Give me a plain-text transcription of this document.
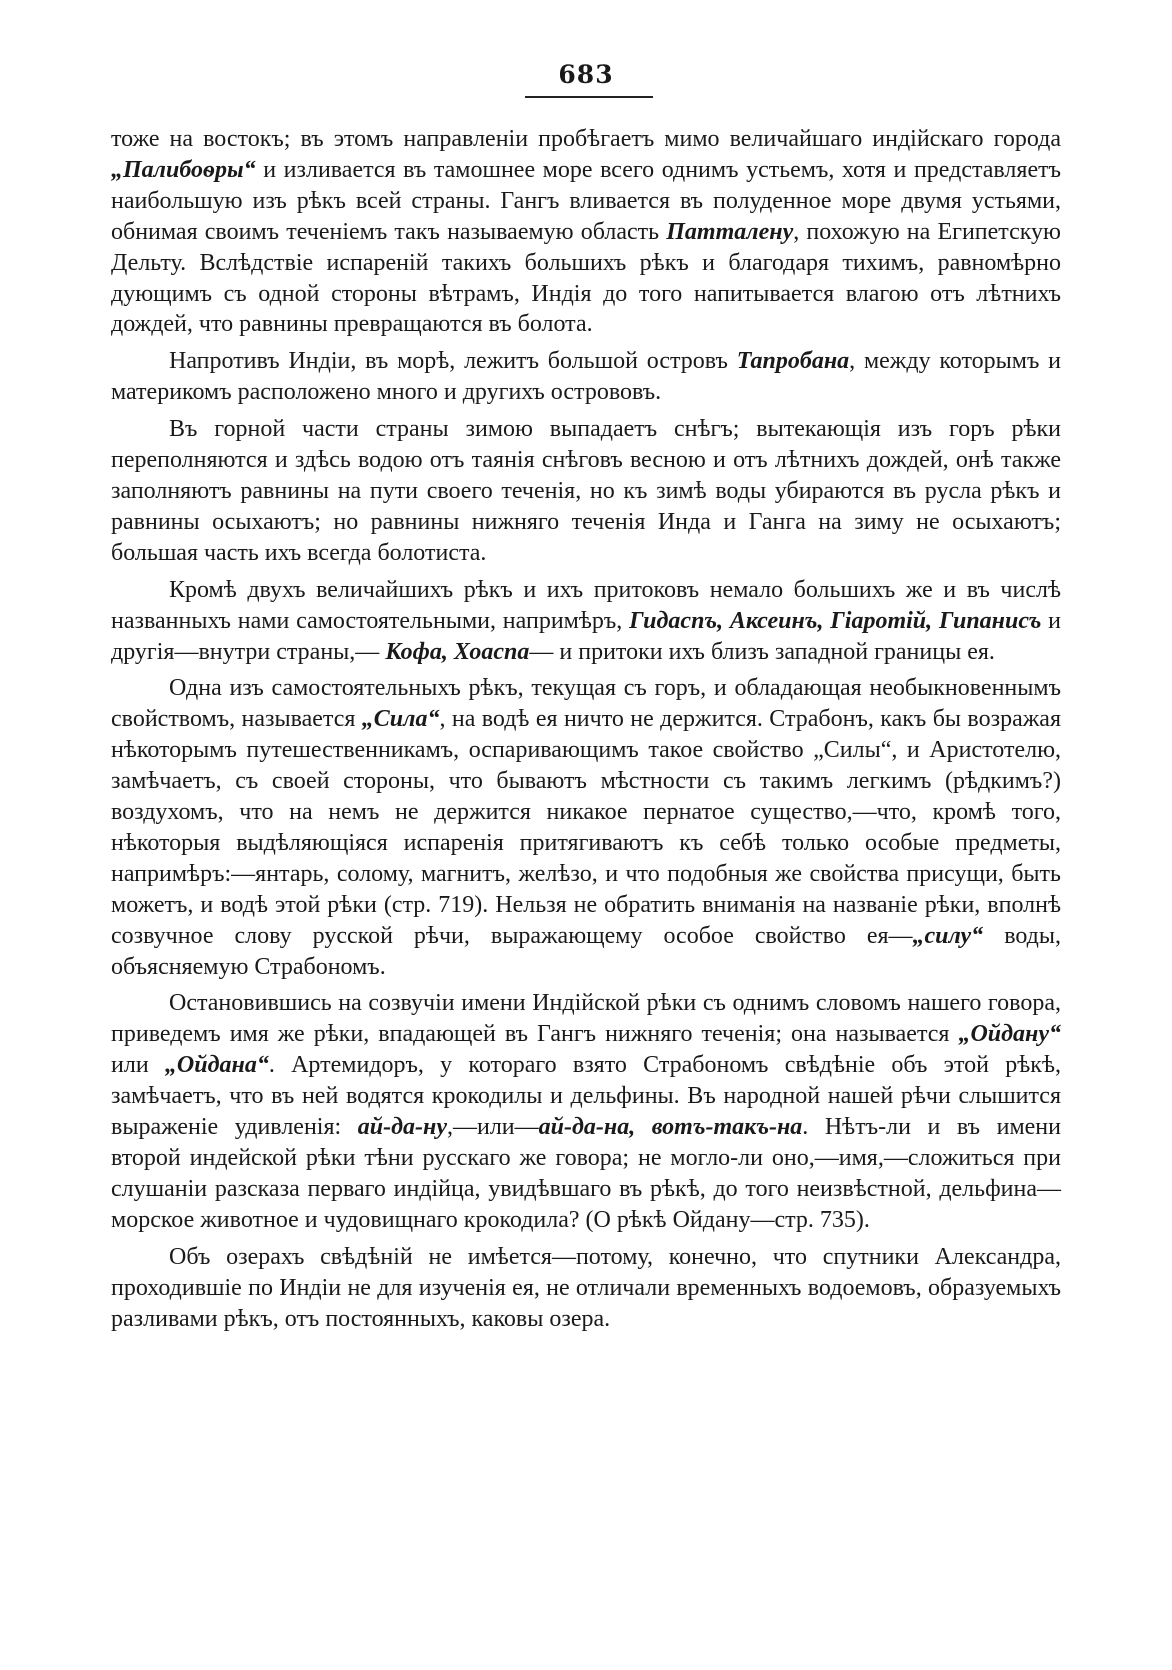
683

тоже на востокъ; въ этомъ направленіи пробѣгаетъ мимо величайшаго индійскаго города „Палибоѳры“ и изливается въ тамошнее море всего однимъ устьемъ, хотя и представляетъ наибольшую изъ рѣкъ всей страны. Гангъ вливается въ полуденное море двумя устьями, обнимая своимъ теченіемъ такъ называемую область Патталену, похожую на Египетскую Дельту. Вслѣдствіе испареній такихъ большихъ рѣкъ и благодаря тихимъ, равномѣрно дующимъ съ одной стороны вѣтрамъ, Индія до того напитывается влагою отъ лѣтнихъ дождей, что равнины превращаются въ болота.

Напротивъ Индіи, въ морѣ, лежитъ большой островъ Тапробана, между которымъ и материкомъ расположено много и другихъ острововъ.

Въ горной части страны зимою выпадаетъ снѣгъ; вытекающія изъ горъ рѣки переполняются и здѣсь водою отъ таянія снѣговъ весною и отъ лѣтнихъ дождей, онѣ также заполняютъ равнины на пути своего теченія, но къ зимѣ воды убираются въ русла рѣкъ и равнины осыхаютъ; но равнины нижняго теченія Инда и Ганга на зиму не осыхаютъ; большая часть ихъ всегда болотиста.

Кромѣ двухъ величайшихъ рѣкъ и ихъ притоковъ немало большихъ же и въ числѣ названныхъ нами самостоятельными, напримѣръ, Гидаспъ, Аксеинъ, Гіаротій, Гипанисъ и другія—внутри страны,— Кофа, Хоаспа— и притоки ихъ близъ западной границы ея.

Одна изъ самостоятельныхъ рѣкъ, текущая съ горъ, и обладающая необыкновеннымъ свойствомъ, называется „Сила“, на водѣ ея ничто не держится. Страбонъ, какъ бы возражая нѣкоторымъ путешественникамъ, оспаривающимъ такое свойство „Силы“, и Аристотелю, замѣчаетъ, съ своей стороны, что бываютъ мѣстности съ такимъ легкимъ (рѣдкимъ?) воздухомъ, что на немъ не держится никакое пернатое существо,—что, кромѣ того, нѣкоторыя выдѣляющіяся испаренія притягиваютъ къ себѣ только особые предметы, напримѣръ:—янтарь, солому, магнитъ, желѣзо, и что подобныя же свойства присущи, быть можетъ, и водѣ этой рѣки (стр. 719). Нельзя не обратить вниманія на названіе рѣки, вполнѣ созвучное слову русской рѣчи, выражающему особое свойство ея—„силу“ воды, объясняемую Страбономъ.

Остановившись на созвучіи имени Индійской рѣки съ однимъ словомъ нашего говора, приведемъ имя же рѣки, впадающей въ Гангъ нижняго теченія; она называется „Ойдану“ или „Ойдана“. Артемидоръ, у котораго взято Страбономъ свѣдѣніе объ этой рѣкѣ, замѣчаетъ, что въ ней водятся крокодилы и дельфины. Въ народной нашей рѣчи слышится выраженіе удивленія: ай-да-ну,—или—ай-да-на, вотъ-такъ-на. Нѣтъ-ли и въ имени второй индейской рѣки тѣни русскаго же говора; не могло-ли оно,—имя,—сложиться при слушаніи разсказа перваго индійца, увидѣвшаго въ рѣкѣ, до того неизвѣстной, дельфина—морское животное и чудовищнаго крокодила? (О рѣкѣ Ойдану—стр. 735).

Объ озерахъ свѣдѣній не имѣется—потому, конечно, что спутники Александра, проходившіе по Индіи не для изученія ея, не отличали временныхъ водоемовъ, образуемыхъ разливами рѣкъ, отъ постоянныхъ, каковы озера.
